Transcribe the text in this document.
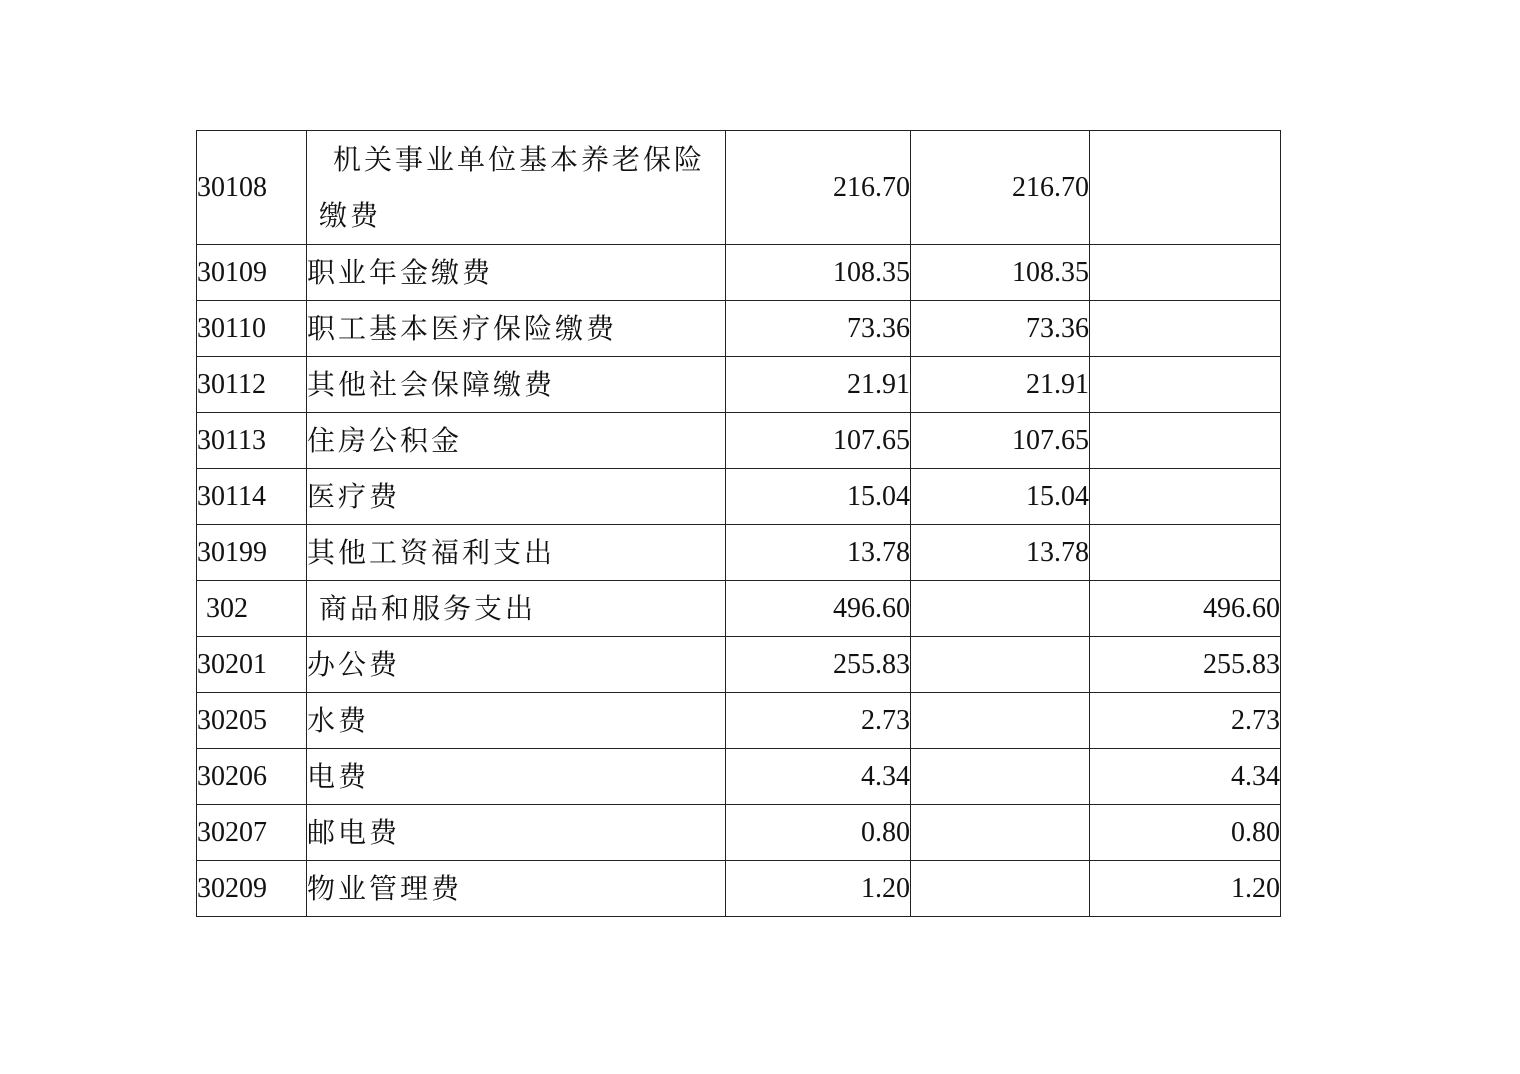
30108	机关事业单位基本养老保险缴费	216.70	216.70	
30109	职业年金缴费	108.35	108.35	
30110	职工基本医疗保险缴费	73.36	73.36	
30112	其他社会保障缴费	21.91	21.91	
30113	住房公积金	107.65	107.65	
30114	医疗费	15.04	15.04	
30199	其他工资福利支出	13.78	13.78	
302	商品和服务支出	496.60		496.60
30201	办公费	255.83		255.83
30205	水费	2.73		2.73
30206	电费	4.34		4.34
30207	邮电费	0.80		0.80
30209	物业管理费	1.20		1.20
